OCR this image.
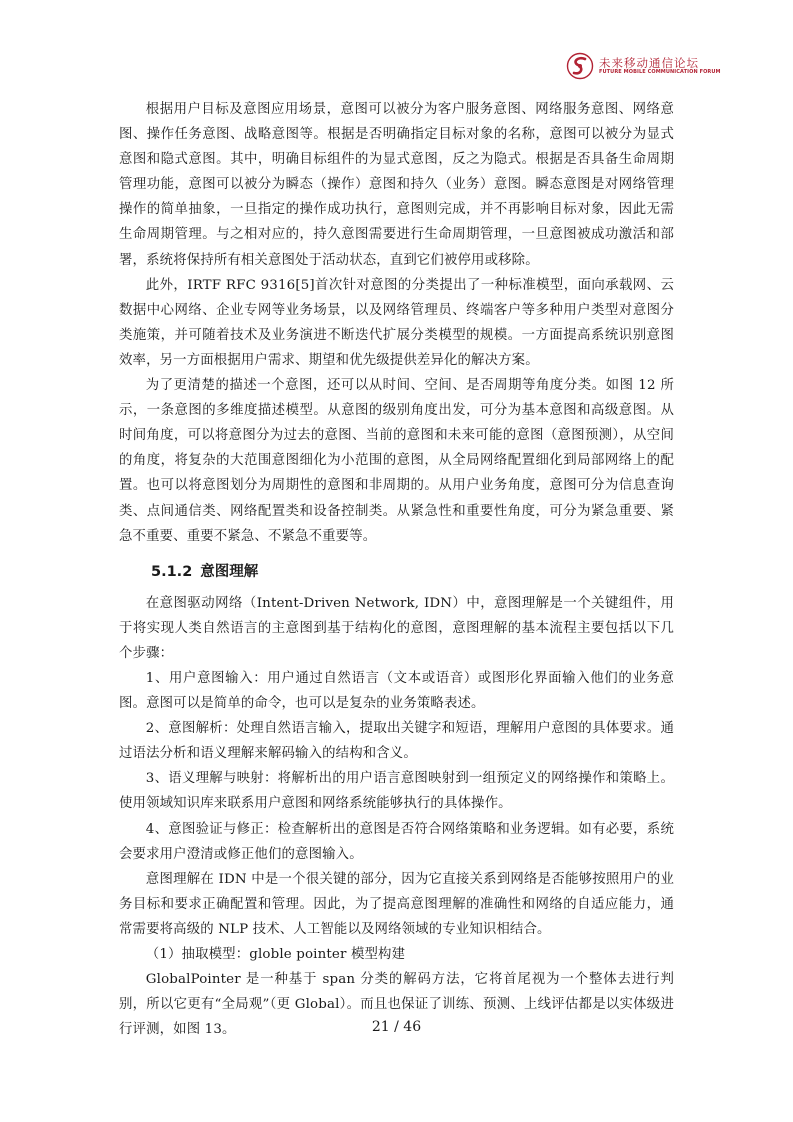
未来移动通信论坛
FUTURE MOBILE COMMUNICATION FORUM

根据用户目标及意图应用场景，意图可以被分为客户服务意图、网络服务意图、网络意图、操作任务意图、战略意图等。根据是否明确指定目标对象的名称，意图可以被分为显式意图和隐式意图。其中，明确目标组件的为显式意图，反之为隐式。根据是否具备生命周期管理功能，意图可以被分为瞬态（操作）意图和持久（业务）意图。瞬态意图是对网络管理操作的简单抽象，一旦指定的操作成功执行，意图则完成，并不再影响目标对象，因此无需生命周期管理。与之相对应的，持久意图需要进行生命周期管理，一旦意图被成功激活和部署，系统将保持所有相关意图处于活动状态，直到它们被停用或移除。

此外，IRTF RFC 9316[5]首次针对意图的分类提出了一种标准模型，面向承载网、云数据中心网络、企业专网等业务场景，以及网络管理员、终端客户等多种用户类型对意图分类施策，并可随着技术及业务演进不断迭代扩展分类模型的规模。一方面提高系统识别意图效率，另一方面根据用户需求、期望和优先级提供差异化的解决方案。

为了更清楚的描述一个意图，还可以从时间、空间、是否周期等角度分类。如图 12 所示，一条意图的多维度描述模型。从意图的级别角度出发，可分为基本意图和高级意图。从时间角度，可以将意图分为过去的意图、当前的意图和未来可能的意图（意图预测），从空间的角度，将复杂的大范围意图细化为小范围的意图，从全局网络配置细化到局部网络上的配置。也可以将意图划分为周期性的意图和非周期的。从用户业务角度，意图可分为信息查询类、点间通信类、网络配置类和设备控制类。从紧急性和重要性角度，可分为紧急重要、紧急不重要、重要不紧急、不紧急不重要等。

5.1.2 意图理解

在意图驱动网络（Intent-Driven Network, IDN）中，意图理解是一个关键组件，用于将实现人类自然语言的主意图到基于结构化的意图，意图理解的基本流程主要包括以下几个步骤：

1、用户意图输入：用户通过自然语言（文本或语音）或图形化界面输入他们的业务意图。意图可以是简单的命令，也可以是复杂的业务策略表述。

2、意图解析：处理自然语言输入，提取出关键字和短语，理解用户意图的具体要求。通过语法分析和语义理解来解码输入的结构和含义。

3、语义理解与映射：将解析出的用户语言意图映射到一组预定义的网络操作和策略上。使用领域知识库来联系用户意图和网络系统能够执行的具体操作。

4、意图验证与修正：检查解析出的意图是否符合网络策略和业务逻辑。如有必要，系统会要求用户澄清或修正他们的意图输入。

意图理解在 IDN 中是一个很关键的部分，因为它直接关系到网络是否能够按照用户的业务目标和要求正确配置和管理。因此，为了提高意图理解的准确性和网络的自适应能力，通常需要将高级的 NLP 技术、人工智能以及网络领域的专业知识相结合。

（1）抽取模型：globle pointer 模型构建

GlobalPointer 是一种基于 span 分类的解码方法，它将首尾视为一个整体去进行判别，所以它更有“全局观”（更 Global）。而且也保证了训练、预测、上线评估都是以实体级进行评测，如图 13。	21 / 46
